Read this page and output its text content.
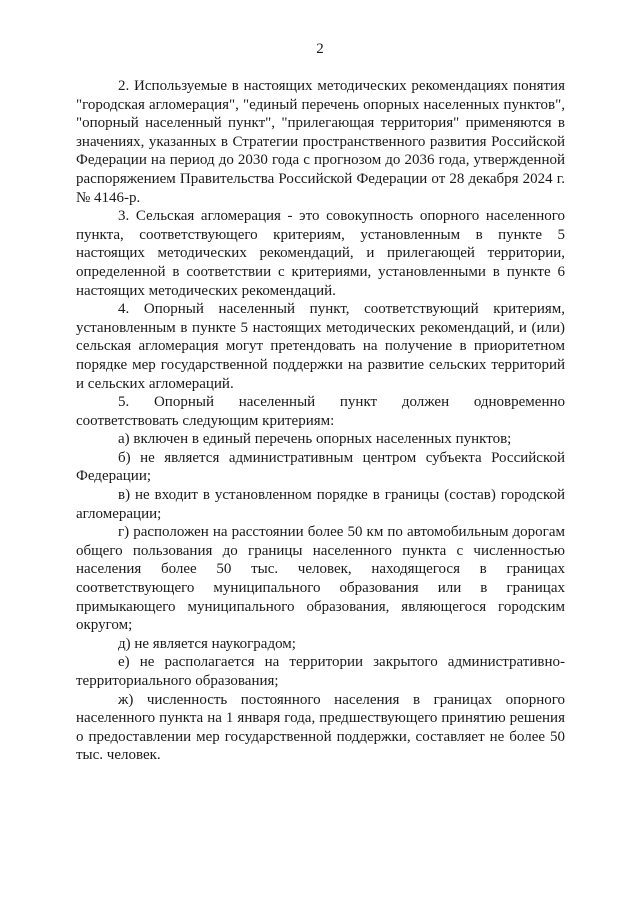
2

2. Используемые в настоящих методических рекомендациях понятия "городская агломерация", "единый перечень опорных населенных пунктов", "опорный населенный пункт", "прилегающая территория" применяются в значениях, указанных в Стратегии пространственного развития Российской Федерации на период до 2030 года с прогнозом до 2036 года, утвержденной распоряжением Правительства Российской Федерации от 28 декабря 2024 г. № 4146-р.

3. Сельская агломерация - это совокупность опорного населенного пункта, соответствующего критериям, установленным в пункте 5 настоящих методических рекомендаций, и прилегающей территории, определенной в соответствии с критериями, установленными в пункте 6 настоящих методических рекомендаций.

4. Опорный населенный пункт, соответствующий критериям, установленным в пункте 5 настоящих методических рекомендаций, и (или) сельская агломерация могут претендовать на получение в приоритетном порядке мер государственной поддержки на развитие сельских территорий и сельских агломераций.

5. Опорный населенный пункт должен одновременно соответствовать следующим критериям:

а) включен в единый перечень опорных населенных пунктов;

б) не является административным центром субъекта Российской Федерации;

в) не входит в установленном порядке в границы (состав) городской агломерации;

г) расположен на расстоянии более 50 км по автомобильным дорогам общего пользования до границы населенного пункта с численностью населения более 50 тыс. человек, находящегося в границах соответствующего муниципального образования или в границах примыкающего муниципального образования, являющегося городским округом;

д) не является наукоградом;

е) не располагается на территории закрытого административно-территориального образования;

ж) численность постоянного населения в границах опорного населенного пункта на 1 января года, предшествующего принятию решения о предоставлении мер государственной поддержки, составляет не более 50 тыс. человек.
